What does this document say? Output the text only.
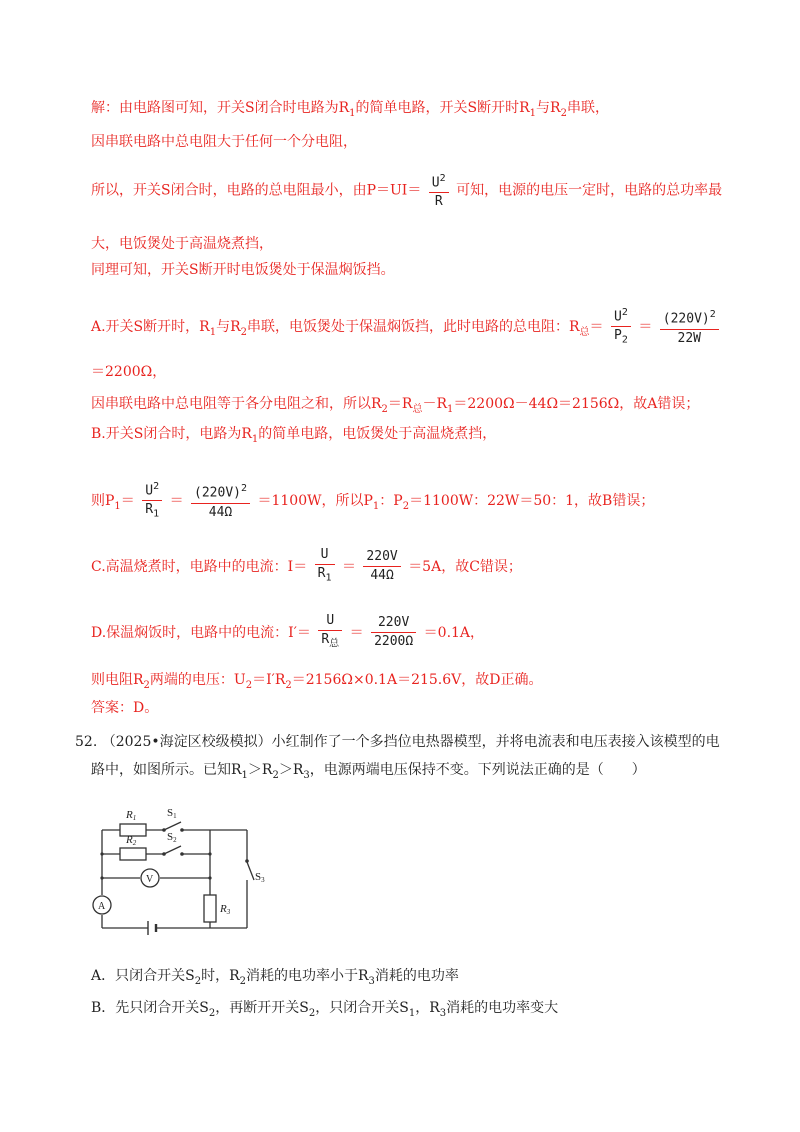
解：由电路图可知，开关S闭合时电路为$R_1$的简单电路，开关S断开时$R_1$与$R_2$串联，
因串联电路中总电阻大于任何一个分电阻，
所以，开关S闭合时，电路的总电阻最小，由$P=UI= \frac{U^2}{R}$ 可知，电源的电压一定时，电路的总功率最
大，电饭煲处于高温烧煮挡，
同理可知，开关S断开时电饭煲处于保温焖饭挡。
A.开关S断开时，$R_1$与$R_2$串联，电饭煲处于保温焖饭挡，此时电路的总电阻：$R_总= \frac{U^2}{P_2} = \frac{(220V)^2}{22W}$
＝2200Ω，
因串联电路中总电阻等于各分电阻之和，所以$R_2=R_总-R_1=2200\Omega-44\Omega=2156\Omega$，故A错误；
B.开关S闭合时，电路为$R_1$的简单电路，电饭煲处于高温烧煮挡，
则$P_1= \frac{U^2}{R_1} = \frac{(220V)^2}{44\Omega} =1100W$，所以$P_1$：$P_2=1100W$：22W＝50：1，故B错误；
C.高温烧煮时，电路中的电流：$I= \frac{U}{R_1} = \frac{220V}{44\Omega} =5A$，故C错误；
D.保温焖饭时，电路中的电流：$I'= \frac{U}{R_总} = \frac{220V}{2200\Omega} =0.1A$，
则电阻$R_2$两端的电压：$U_2=I'R_2=2156\Omega\times 0.1A=215.6V$，故D正确。
答案：D。
52. （2025•海淀区校级模拟）小红制作了一个多挡位电热器模型，并将电流表和电压表接入该模型的电
路中，如图所示。已知$R_1>R_2>R_3$，电源两端电压保持不变。下列说法正确的是（　　）
R1
R2
R3
S1
S2
S3
V
A
A．只闭合开关$S_2$时，$R_2$消耗的电功率小于$R_3$消耗的电功率
B．先只闭合开关$S_2$，再断开开关$S_2$，只闭合开关$S_1$，$R_3$消耗的电功率变大
